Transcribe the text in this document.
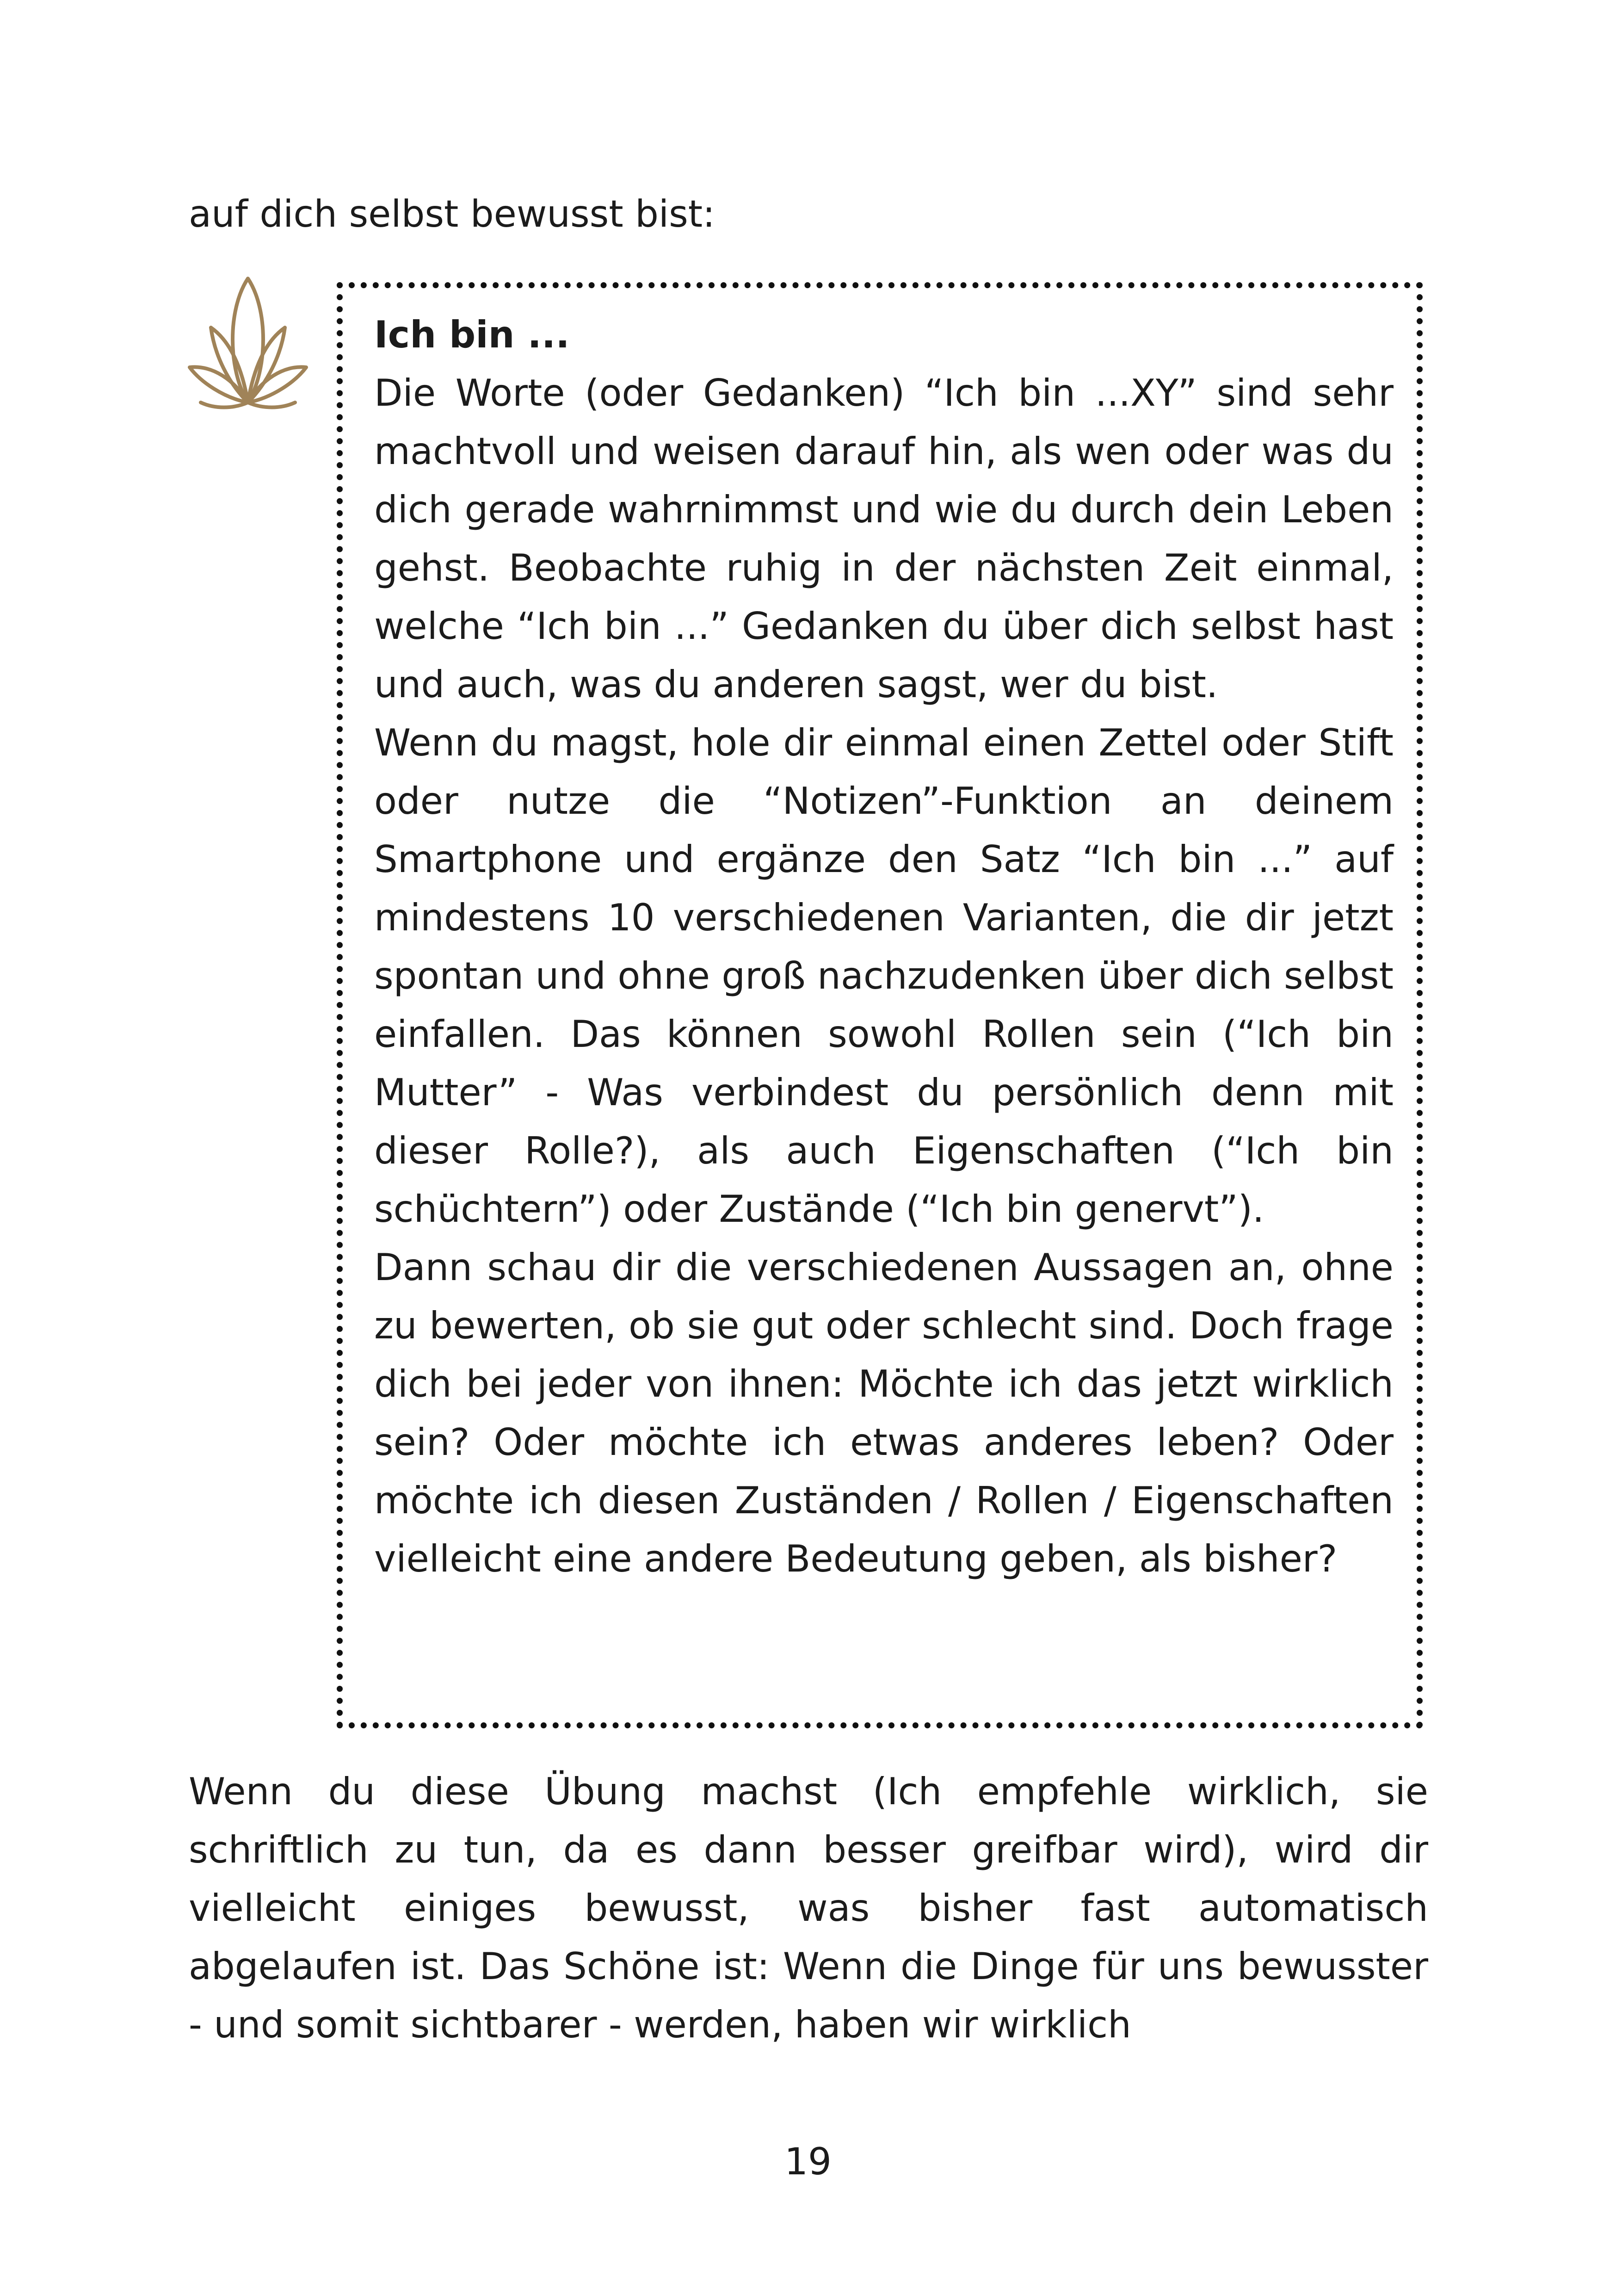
auf dich selbst bewusst bist:

Ich bin ...

Die Worte (oder Gedanken) “Ich bin ...XY” sind sehr machtvoll und weisen darauf hin, als wen oder was du dich gerade wahrnimmst und wie du durch dein Leben gehst. Beobachte ruhig in der nächsten Zeit einmal, welche “Ich bin ...” Gedanken du über dich selbst hast und auch, was du anderen sagst, wer du bist.

Wenn du magst, hole dir einmal einen Zettel oder Stift oder nutze die “Notizen”-Funktion an deinem Smartphone und ergänze den Satz “Ich bin ...” auf mindestens 10 verschiedenen Varianten, die dir jetzt spontan und ohne groß nachzudenken über dich selbst einfallen. Das können sowohl Rollen sein (“Ich bin Mutter” - Was verbindest du persönlich denn mit dieser Rolle?), als auch Eigenschaften (“Ich bin schüchtern”) oder Zustände (“Ich bin genervt”).

Dann schau dir die verschiedenen Aussagen an, ohne zu bewerten, ob sie gut oder schlecht sind. Doch frage dich bei jeder von ihnen: Möchte ich das jetzt wirklich sein? Oder möchte ich etwas anderes leben? Oder möchte ich diesen Zuständen / Rollen / Eigenschaften vielleicht eine andere Bedeutung geben, als bisher?

Wenn du diese Übung machst (Ich empfehle wirklich, sie schriftlich zu tun, da es dann besser greifbar wird), wird dir vielleicht einiges bewusst, was bisher fast automatisch abgelaufen ist. Das Schöne ist: Wenn die Dinge für uns bewusster - und somit sichtbarer - werden, haben wir wirklich

19
